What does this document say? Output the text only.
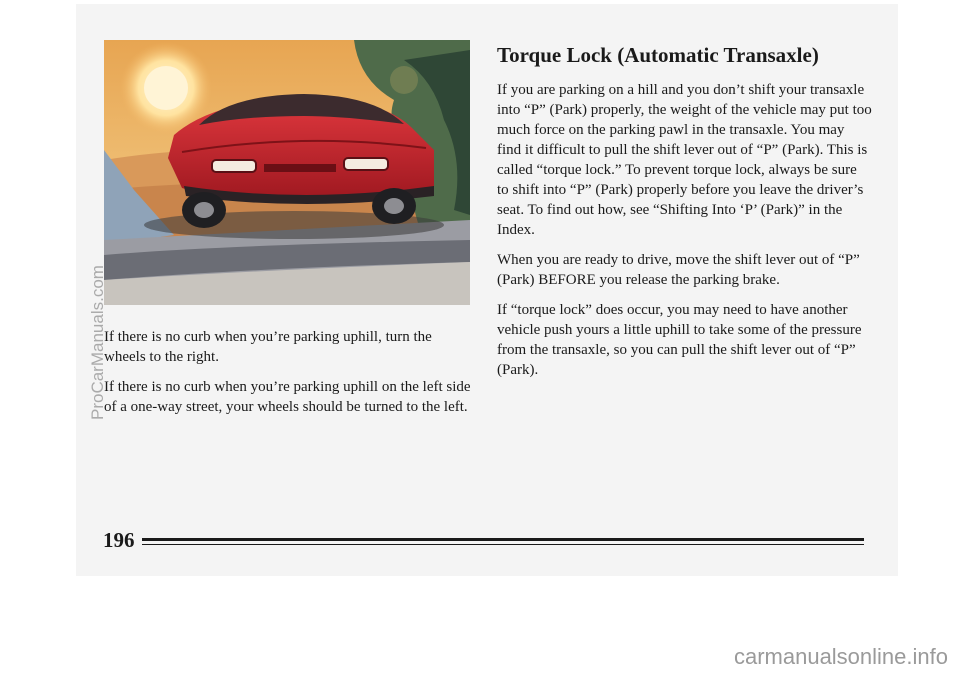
If there is no curb when you’re parking uphill, turn the wheels to the right.

If there is no curb when you’re parking uphill on the left side of a one-way street, your wheels should be turned to the left.

Torque Lock (Automatic Transaxle)

If you are parking on a hill and you don’t shift your transaxle into “P” (Park) properly, the weight of the vehicle may put too much force on the parking pawl in the transaxle. You may find it difficult to pull the shift lever out of “P” (Park). This is called “torque lock.” To prevent torque lock, always be sure to shift into “P” (Park) properly before you leave the driver’s seat. To find out how, see “Shifting Into ‘P’ (Park)” in the Index.

When you are ready to drive, move the shift lever out of “P” (Park) BEFORE you release the parking brake.

If “torque lock” does occur, you may need to have another vehicle push yours a little uphill to take some of the pressure from the transaxle, so you can pull the shift lever out of “P” (Park).

196
ProCarManuals.com
carmanualsonline.info
